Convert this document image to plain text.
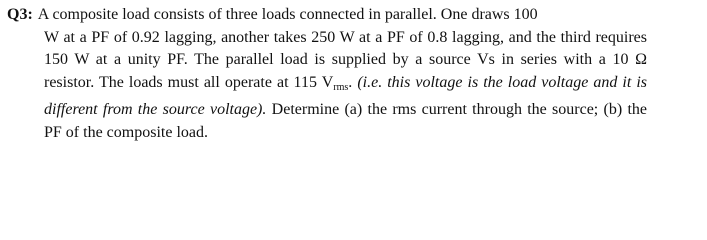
Q3: A composite load consists of three loads connected in parallel. One draws 100
W at a PF of 0.92 lagging, another takes 250 W at a PF of 0.8 lagging, and the third requires 150 W at a unity PF. The parallel load is supplied by a source Vs in series with a 10 Ω resistor. The loads must all operate at 115 $V_{rms}$. (i.e. this voltage is the load voltage and it is different from the source voltage). Determine (a) the rms current through the source; (b) the PF of the composite load.
